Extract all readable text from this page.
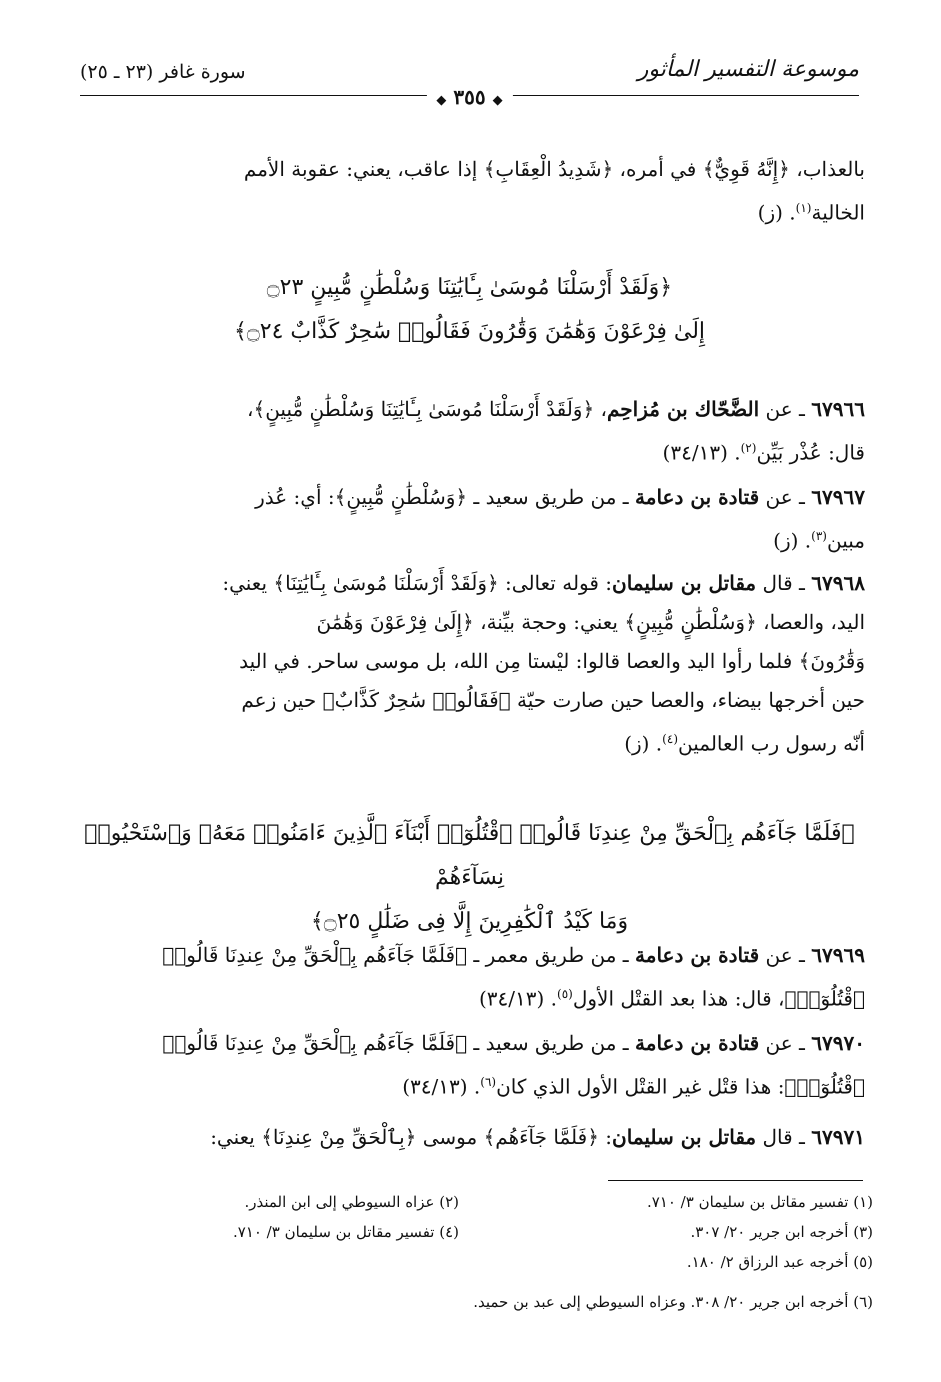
موسوعة التفسير المأثور
سورة غافر (٢٣ ـ ٢٥)
◆ ٣٥٥ ◆
بالعذاب، ﴿إِنَّهُ قَوِيٌّ﴾ في أمره، ﴿شَدِيدُ الْعِقَابِ﴾ إذا عاقب، يعني: عقوبة الأمم
الخالية$^{(١)}$. (ز)
﴿وَلَقَدْ أَرْسَلْنَا مُوسَىٰ بِـَٔايَٰتِنَا وَسُلْطَٰنٍ مُّبِينٍ ۝٢٣
إِلَىٰ فِرْعَوْنَ وَهَٰمَٰنَ وَقَٰرُونَ فَقَالُوا۟ سَٰحِرٌ كَذَّابٌ ۝٢٤﴾
٦٧٩٦٦ ـ عن الضَّحّاك بن مُزاحِم، ﴿وَلَقَدْ أَرْسَلْنَا مُوسَىٰ بِـَٔايَٰتِنَا وَسُلْطَٰنٍ مُّبِينٍ﴾،
قال: عُذْر بَيِّن$^{(٢)}$. (٣٤/١٣)
٦٧٩٦٧ ـ عن قتادة بن دعامة ـ من طريق سعيد ـ ﴿وَسُلْطَٰنٍ مُّبِينٍ﴾: أي: عُذر
مبين$^{(٣)}$. (ز)
٦٧٩٦٨ ـ قال مقاتل بن سليمان: قوله تعالى: ﴿وَلَقَدْ أَرْسَلْنَا مُوسَىٰ بِـَٔايَٰتِنَا﴾ يعني:
اليد، والعصا، ﴿وَسُلْطَٰنٍ مُّبِينٍ﴾ يعني: وحجة بيِّنة، ﴿إِلَىٰ فِرْعَوْنَ وَهَٰمَٰنَ
وَقَٰرُونَ﴾ فلما رأوا اليد والعصا قالوا: ليْستا مِن الله، بل موسى ساحر. في اليد
حين أخرجها بيضاء، والعصا حين صارت حيّة ﴿فَقَالُوا۟ سَٰحِرٌ كَذَّابٌ﴾ حين زعم
أنّه رسول رب العالمين$^{(٤)}$. (ز)
﴿فَلَمَّا جَآءَهُم بِٱلْحَقِّ مِنْ عِندِنَا قَالُوا۟ ٱقْتُلُوٓا۟ أَبْنَآءَ ٱلَّذِينَ ءَامَنُوا۟ مَعَهُۥ وَٱسْتَحْيُوا۟ نِسَآءَهُمْ
وَمَا كَيْدُ ٱلْكَٰفِرِينَ إِلَّا فِى ضَلَٰلٍ ۝٢٥﴾
٦٧٩٦٩ ـ عن قتادة بن دعامة ـ من طريق معمر ـ ﴿فَلَمَّا جَآءَهُم بِٱلْحَقِّ مِنْ عِندِنَا قَالُوا۟
ٱقْتُلُوٓا۟﴾، قال: هذا بعد القتْل الأول$^{(٥)}$. (٣٤/١٣)
٦٧٩٧٠ ـ عن قتادة بن دعامة ـ من طريق سعيد ـ ﴿فَلَمَّا جَآءَهُم بِٱلْحَقِّ مِنْ عِندِنَا قَالُوا۟
ٱقْتُلُوٓا۟﴾: هذا قتْل غير القتْل الأول الذي كان$^{(٦)}$. (٣٤/١٣)
٦٧٩٧١ ـ قال مقاتل بن سليمان: ﴿فَلَمَّا جَآءَهُم﴾ موسى ﴿بِٱلْحَقِّ مِنْ عِندِنَا﴾ يعني:
(١) تفسير مقاتل بن سليمان ٣/ ٧١٠.
(٢) عزاه السيوطي إلى ابن المنذر.
(٣) أخرجه ابن جرير ٢٠/ ٣٠٧.
(٤) تفسير مقاتل بن سليمان ٣/ ٧١٠.
(٥) أخرجه عبد الرزاق ٢/ ١٨٠.
(٦) أخرجه ابن جرير ٢٠/ ٣٠٨. وعزاه السيوطي إلى عبد بن حميد.
